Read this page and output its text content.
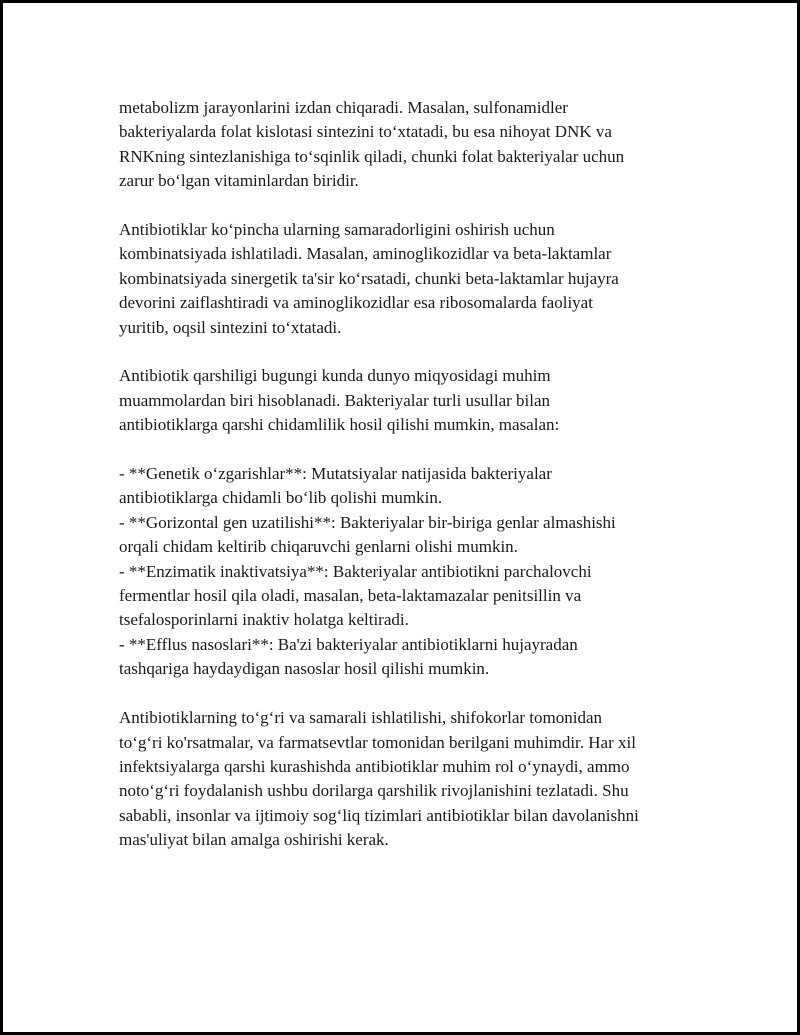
metabolizm jarayonlarini izdan chiqaradi. Masalan, sulfonamidler
bakteriyalarda folat kislotasi sintezini to‘xtatadi, bu esa nihoyat DNK va
RNKning sintezlanishiga to‘sqinlik qiladi, chunki folat bakteriyalar uchun
zarur bo‘lgan vitaminlardan biridir.

Antibiotiklar ko‘pincha ularning samaradorligini oshirish uchun
kombinatsiyada ishlatiladi. Masalan, aminoglikozidlar va beta-laktamlar
kombinatsiyada sinergetik ta'sir ko‘rsatadi, chunki beta-laktamlar hujayra
devorini zaiflashtiradi va aminoglikozidlar esa ribosomalarda faoliyat
yuritib, oqsil sintezini to‘xtatadi.

Antibiotik qarshiligi bugungi kunda dunyo miqyosidagi muhim
muammolardan biri hisoblanadi. Bakteriyalar turli usullar bilan
antibiotiklarga qarshi chidamlilik hosil qilishi mumkin, masalan:

- **Genetik o‘zgarishlar**: Mutatsiyalar natijasida bakteriyalar
antibiotiklarga chidamli bo‘lib qolishi mumkin.
- **Gorizontal gen uzatilishi**: Bakteriyalar bir-biriga genlar almashishi
orqali chidam keltirib chiqaruvchi genlarni olishi mumkin.
- **Enzimatik inaktivatsiya**: Bakteriyalar antibiotikni parchalovchi
fermentlar hosil qila oladi, masalan, beta-laktamazalar penitsillin va
tsefalosporinlarni inaktiv holatga keltiradi.
- **Efflus nasoslari**: Ba'zi bakteriyalar antibiotiklarni hujayradan
tashqariga haydaydigan nasoslar hosil qilishi mumkin.

Antibiotiklarning to‘g‘ri va samarali ishlatilishi, shifokorlar tomonidan
to‘g‘ri ko'rsatmalar, va farmatsevtlar tomonidan berilgani muhimdir. Har xil
infektsiyalarga qarshi kurashishda antibiotiklar muhim rol o‘ynaydi, ammo
noto‘g‘ri foydalanish ushbu dorilarga qarshilik rivojlanishini tezlatadi. Shu
sababli, insonlar va ijtimoiy sog‘liq tizimlari antibiotiklar bilan davolanishni
mas'uliyat bilan amalga oshirishi kerak.
